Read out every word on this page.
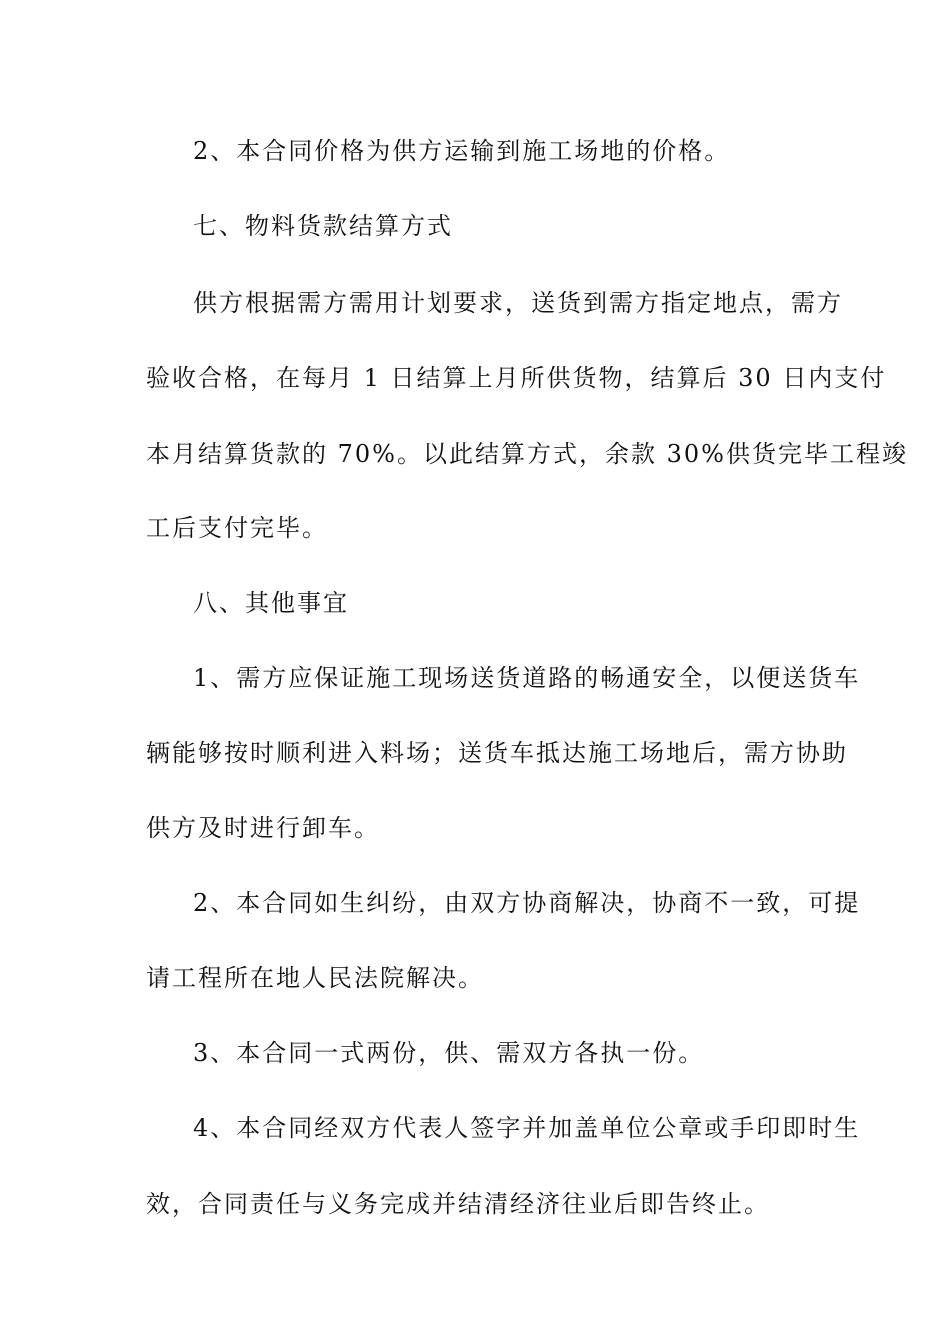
2、本合同价格为供方运输到施工场地的价格。
七、物料货款结算方式
供方根据需方需用计划要求，送货到需方指定地点，需方
验收合格，在每月 1 日结算上月所供货物，结算后 30 日内支付
本月结算货款的 70%。以此结算方式，余款 30%供货完毕工程竣
工后支付完毕。
八、其他事宜
1、需方应保证施工现场送货道路的畅通安全，以便送货车
辆能够按时顺利进入料场；送货车抵达施工场地后，需方协助
供方及时进行卸车。
2、本合同如生纠纷，由双方协商解决，协商不一致，可提
请工程所在地人民法院解决。
3、本合同一式两份，供、需双方各执一份。
4、本合同经双方代表人签字并加盖单位公章或手印即时生
效，合同责任与义务完成并结清经济往业后即告终止。
